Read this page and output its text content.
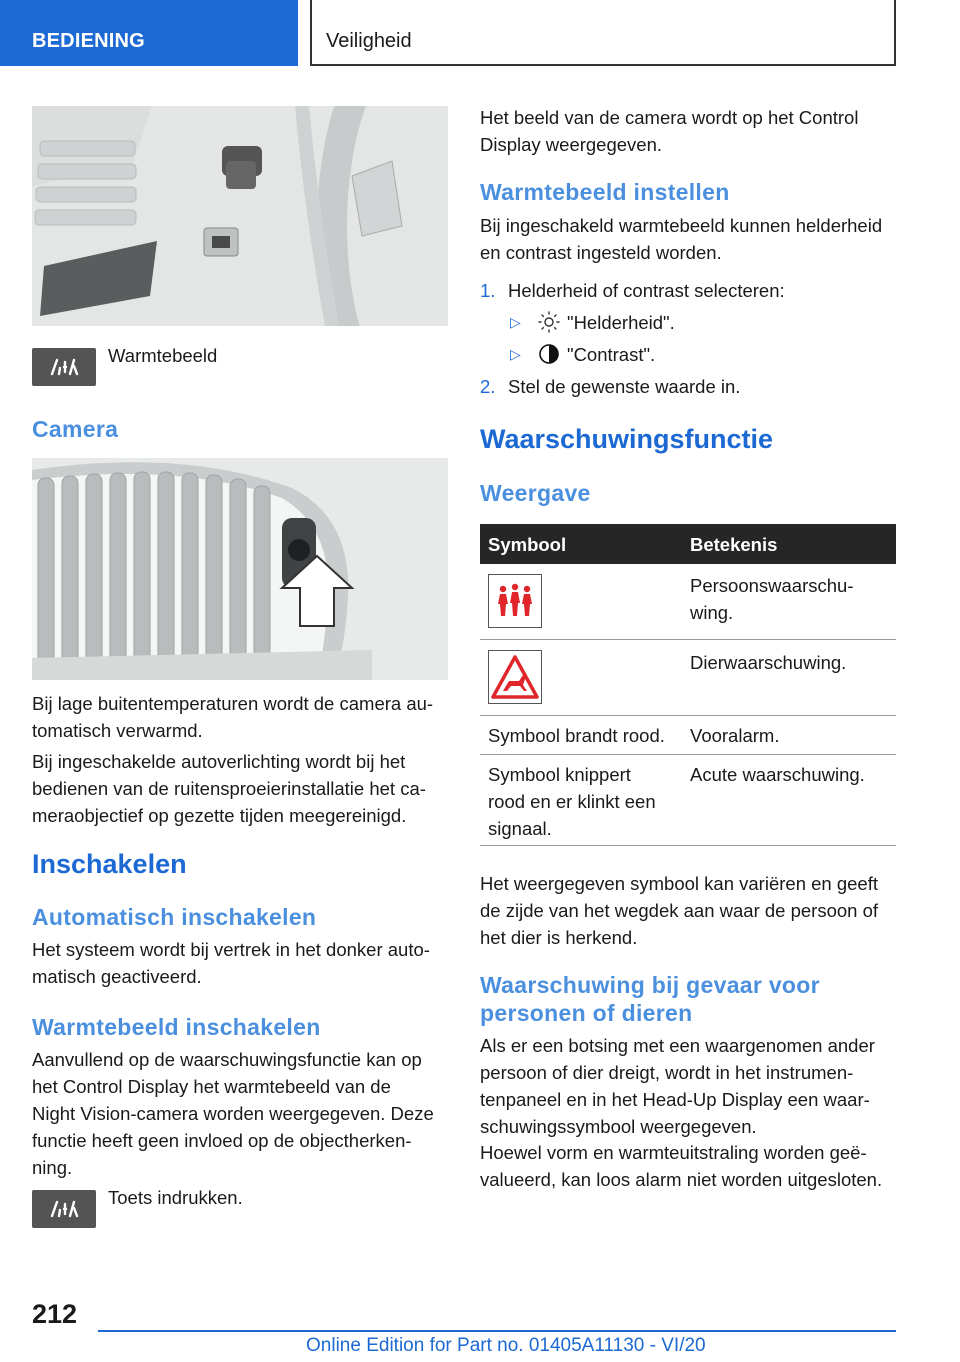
BEDIENING	Veiligheid
Warmtebeeld
Camera
Bij lage buitentemperaturen wordt de camera au-
tomatisch verwarmd.
Bij ingeschakelde autoverlichting wordt bij het
bedienen van de ruitensproeierinstallatie het ca-
meraobjectief op gezette tijden meegereinigd.
Inschakelen
Automatisch inschakelen
Het systeem wordt bij vertrek in het donker auto-
matisch geactiveerd.
Warmtebeeld inschakelen
Aanvullend op de waarschuwingsfunctie kan op
het Control Display het warmtebeeld van de
Night Vision-camera worden weergegeven. Deze
functie heeft geen invloed op de objectherken-
ning.
Toets indrukken.
Het beeld van de camera wordt op het Control
Display weergegeven.
Warmtebeeld instellen
Bij ingeschakeld warmtebeeld kunnen helderheid
en contrast ingesteld worden.
1. Helderheid of contrast selecteren:
▷ "Helderheid".
▷ "Contrast".
2. Stel de gewenste waarde in.
Waarschuwingsfunctie
Weergave
Symbool	Betekenis
Persoonswaarschu-
wing.
Dierwaarschuwing.
Symbool brandt rood. Vooralarm.
Symbool knippert
rood en er klinkt een
signaal.
Acute waarschuwing.
Het weergegeven symbool kan variëren en geeft
de zijde van het wegdek aan waar de persoon of
het dier is herkend.
Waarschuwing bij gevaar voor
personen of dieren
Als er een botsing met een waargenomen ander
persoon of dier dreigt, wordt in het instrumen-
tenpaneel en in het Head-Up Display een waar-
schuwingssymbool weergegeven.
Hoewel vorm en warmteuitstraling worden geë-
valueerd, kan loos alarm niet worden uitgesloten.
212
Online Edition for Part no. 01405A11130 - VI/20
